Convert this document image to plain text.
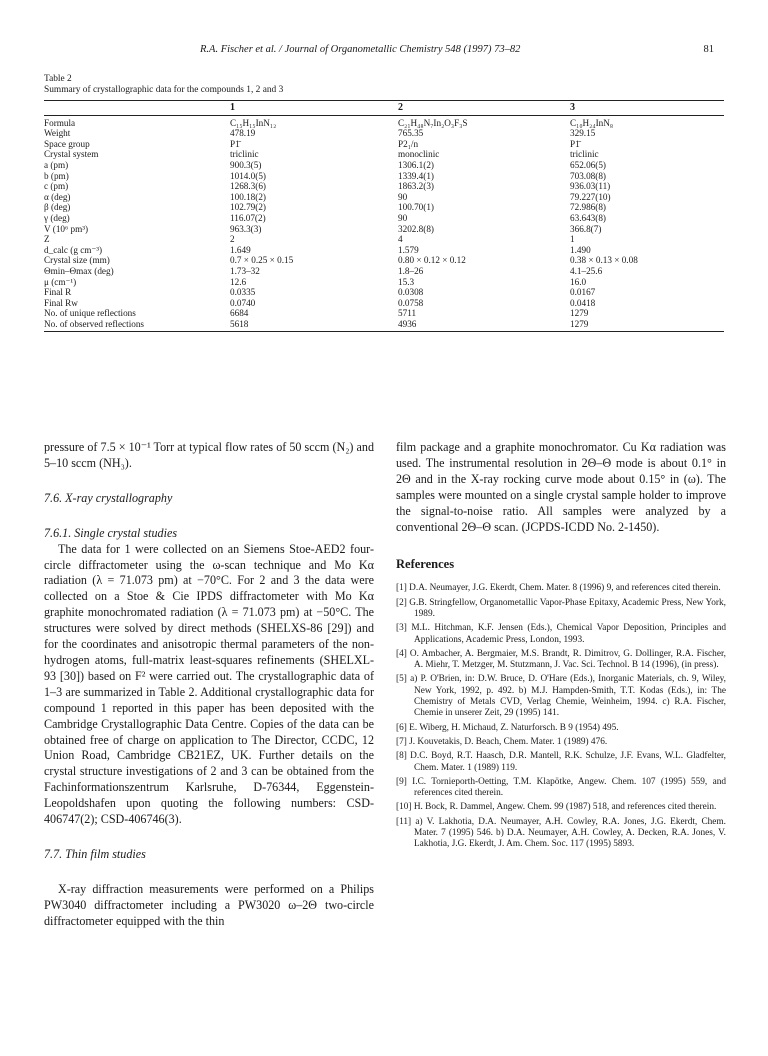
R.A. Fischer et al. / Journal of Organometallic Chemistry 548 (1997) 73–82	81
Table 2
Summary of crystallographic data for the compounds 1, 2 and 3
	1	2	3
Formula	C₁₅H₁₅InN₁₂	C₂₁H₄₈N₇In₂O₃F₃S	C₁₀H₂₄InN₈
Weight	478.19	765.35	329.15
Space group	P1̄	P2₁/n	P1̄
Crystal system	triclinic	monoclinic	triclinic
a (pm)	900.3(5)	1306.1(2)	652.06(5)
b (pm)	1014.0(5)	1339.4(1)	703.08(8)
c (pm)	1268.3(6)	1863.2(3)	936.03(11)
α (deg)	100.18(2)	90	79.227(10)
β (deg)	102.79(2)	100.70(1)	72.986(8)
γ (deg)	116.07(2)	90	63.643(8)
V (10⁶ pm³)	963.3(3)	3202.8(8)	366.8(7)
Z	2	4	1
d_calc (g cm⁻³)	1.649	1.579	1.490
Crystal size (mm)	0.7 × 0.25 × 0.15	0.80 × 0.12 × 0.12	0.38 × 0.13 × 0.08
Θmin–Θmax (deg)	1.73–32	1.8–26	4.1–25.6
μ (cm⁻¹)	12.6	15.3	16.0
Final R	0.0335	0.0308	0.0167
Final Rw	0.0740	0.0758	0.0418
No. of unique reflections	6684	5711	1279
No. of observed reflections	5618	4936	1279

pressure of 7.5 × 10⁻¹ Torr at typical flow rates of 50 sccm (N₂) and 5–10 sccm (NH₃).

7.6. X-ray crystallography

7.6.1. Single crystal studies

The data for 1 were collected on an Siemens Stoe-AED2 four-circle diffractometer using the ω-scan technique and Mo Kα radiation (λ = 71.073 pm) at −70°C. For 2 and 3 the data were collected on a Stoe & Cie IPDS diffractometer with Mo Kα graphite monochromated radiation (λ = 71.073 pm) at −50°C. The structures were solved by direct methods (SHELXS-86 [29]) and for the coordinates and anisotropic thermal parameters of the non-hydrogen atoms, full-matrix least-squares refinements (SHELXL-93 [30]) based on F² were carried out. The crystallographic data of 1–3 are summarized in Table 2. Additional crystallographic data for compound 1 reported in this paper has been deposited with the Cambridge Crystallographic Data Centre. Copies of the data can be obtained free of charge on application to The Director, CCDC, 12 Union Road, Cambridge CB21EZ, UK. Further details on the crystal structure investigations of 2 and 3 can be obtained from the Fachinformationszentrum Karlsruhe, D-76344, Eggenstein-Leopoldshafen upon quoting the following numbers: CSD-406747(2); CSD-406746(3).

7.7. Thin film studies

X-ray diffraction measurements were performed on a Philips PW3040 diffractometer including a PW3020 ω–2Θ two-circle diffractometer equipped with the thin

film package and a graphite monochromator. Cu Kα radiation was used. The instrumental resolution in 2Θ–Θ mode is about 0.1° in 2Θ and in the X-ray rocking curve mode about 0.15° in (ω). The samples were mounted on a single crystal sample holder to improve the signal-to-noise ratio. All samples were analyzed by a conventional 2Θ–Θ scan. (JCPDS-ICDD No. 2-1450).

References

[1] D.A. Neumayer, J.G. Ekerdt, Chem. Mater. 8 (1996) 9, and references cited therein.
[2] G.B. Stringfellow, Organometallic Vapor-Phase Epitaxy, Academic Press, New York, 1989.
[3] M.L. Hitchman, K.F. Jensen (Eds.), Chemical Vapor Deposition, Principles and Applications, Academic Press, London, 1993.
[4] O. Ambacher, A. Bergmaier, M.S. Brandt, R. Dimitrov, G. Dollinger, R.A. Fischer, A. Miehr, T. Metzger, M. Stutzmann, J. Vac. Sci. Technol. B 14 (1996), (in press).
[5] a) P. O'Brien, in: D.W. Bruce, D. O'Hare (Eds.), Inorganic Materials, ch. 9, Wiley, New York, 1992, p. 492. b) M.J. Hampden-Smith, T.T. Kodas (Eds.), in: The Chemistry of Metals CVD, Verlag Chemie, Weinheim, 1994. c) R.A. Fischer, Chemie in unserer Zeit, 29 (1995) 141.
[6] E. Wiberg, H. Michaud, Z. Naturforsch. B 9 (1954) 495.
[7] J. Kouvetakis, D. Beach, Chem. Mater. 1 (1989) 476.
[8] D.C. Boyd, R.T. Haasch, D.R. Mantell, R.K. Schulze, J.F. Evans, W.L. Gladfelter, Chem. Mater. 1 (1989) 119.
[9] I.C. Tornieporth-Oetting, T.M. Klapötke, Angew. Chem. 107 (1995) 559, and references cited therein.
[10] H. Bock, R. Dammel, Angew. Chem. 99 (1987) 518, and references cited therein.
[11] a) V. Lakhotia, D.A. Neumayer, A.H. Cowley, R.A. Jones, J.G. Ekerdt, Chem. Mater. 7 (1995) 546. b) D.A. Neumayer, A.H. Cowley, A. Decken, R.A. Jones, V. Lakhotia, J.G. Ekerdt, J. Am. Chem. Soc. 117 (1995) 5893.
